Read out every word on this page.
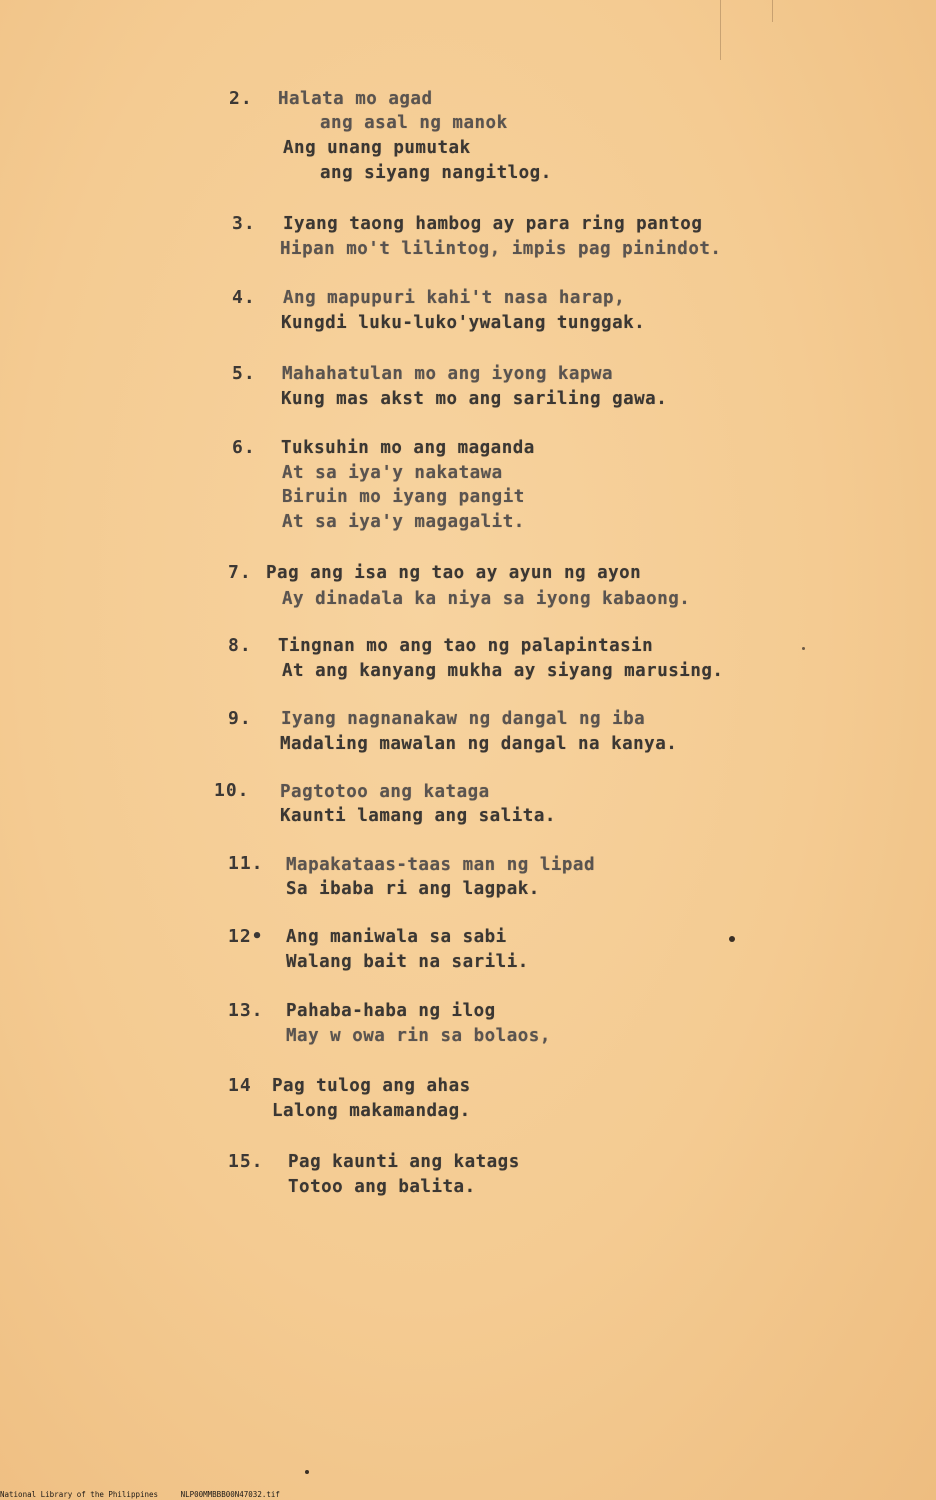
2. Halata mo agad
ang asal ng manok
Ang unang pumutak
ang siyang nangitlog.
3. Iyang taong hambog ay para ring pantog
Hipan mo't lilintog, impis pag pinindot.
4. Ang mapupuri kahi't nasa harap,
Kungdi luku-luko'ywalang tunggak.
5. Mahahatulan mo ang iyong kapwa
Kung mas akst mo ang sariling gawa.
6. Tuksuhin mo ang maganda
At sa iya'y nakatawa
Biruin mo iyang pangit
At sa iya'y magagalit.
7. Pag ang isa ng tao ay ayun ng ayon
Ay dinadala ka niya sa iyong kabaong.
8. Tingnan mo ang tao ng palapintasin
At ang kanyang mukha ay siyang marusing.
9. Iyang nagnanakaw ng dangal ng iba
Madaling mawalan ng dangal na kanya.
10. Pagtotoo ang kataga
Kaunti lamang ang salita.
11. Mapakataas-taas man ng lipad
Sa ibaba ri ang lagpak.
12• Ang maniwala sa sabi
Walang bait na sarili.
13. Pahaba-haba ng ilog
May w owa rin sa bolaos,
14 Pag tulog ang ahas
Lalong makamandag.
15. Pag kaunti ang katags
Totoo ang balita.
National Library of the Philippines	NLP00MMBBB00N47032.tif
